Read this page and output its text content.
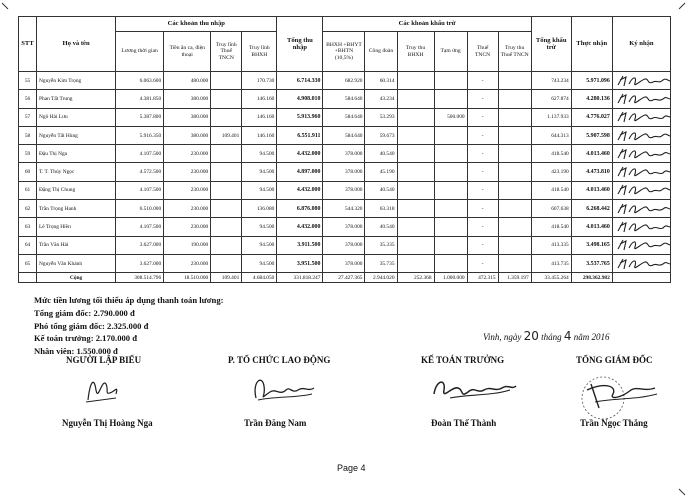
STT	Họ và tên	Các khoản thu nhập				Tổng thu nhập	Các khoản khấu trừ						Tổng khấu trừ	Thực nhận	Ký nhận
		Lương thời gian	Tiền ăn ca, điện thoại	Truy lĩnh Thuế TNCN	Truy lĩnh BHXH		BHXH +BHYT +BHTN (10,5%)	Công đoàn	Truy thu BHXH	Tạm ứng	Thuế TNCN	Truy thu Thuế TNCN			
55	Nguyễn Kim Trọng	6.063.600	480.000		170.730	6.714.330	682.920	60.314			-		743.234	5.971.096	

56	Phan Tất Trung	4.381.850	380.000		146.160	4.908.010	584.640	43.234			-		627.874	4.280.136	

57	Ngô Hải Lưu	5.387.800	380.000		146.160	5.913.960	584.640	53.293		500.000	-		1.137.933	4.776.027	

58	Nguyễn Tất Hùng	5.916.350	380.000	109.401	146.160	6.551.911	584.640	59.673			-		644.313	5.907.598	

59	Đậu Thị Nga	4.107.500	230.000		94.500	4.432.000	378.000	40.540			-		418.540	4.013.460	

60	T. T. Thúy Ngọc	4.572.500	230.000		94.500	4.897.000	378.000	45.190			-		423.190	4.473.810	

61	Đặng Thị Chung	4.107.500	230.000		94.500	4.432.000	378.000	40.540			-		418.540	4.013.460	

62	Trần Trọng Hanh	6.510.000	230.000		136.080	6.876.080	544.320	63.318			-		607.638	6.268.442	

63	Lê Trọng Hiền	4.107.500	230.000		94.500	4.432.000	378.000	40.540			-		418.540	4.013.460	

64	Trần Văn Hải	3.627.000	190.000		94.500	3.911.500	378.000	35.335			-		413.335	3.498.165	

65	Nguyễn Văn Khánh	3.627.000	230.000		94.500	3.951.500	378.000	35.735			-		413.735	3.537.765	

	Cộng	308.514.796	18.510.000	109.401	4.684.050	331.818.247	27.427.365	2.944.020	252.368	1.000.000	472.315	1.359.197	33.455.264	298.362.982	
Mức tiền lương tối thiểu áp dụng thanh toán lương:
Tổng giám đốc: 2.790.000 đ
Phó tổng giám đốc: 2.325.000 đ
Kế toán trưởng: 2.170.000 đ
Nhân viên: 1.550.000 đ
Vinh, ngày 20 tháng 4 năm 2016
NGƯỜI LẬP BIỂU	P. TỔ CHỨC LAO ĐỘNG	KẾ TOÁN TRƯỞNG	TỔNG GIÁM ĐỐC
Nguyễn Thị Hoàng Nga	Trần Đăng Nam	Đoàn Thế Thành	Trần Ngọc Thắng
Page 4
